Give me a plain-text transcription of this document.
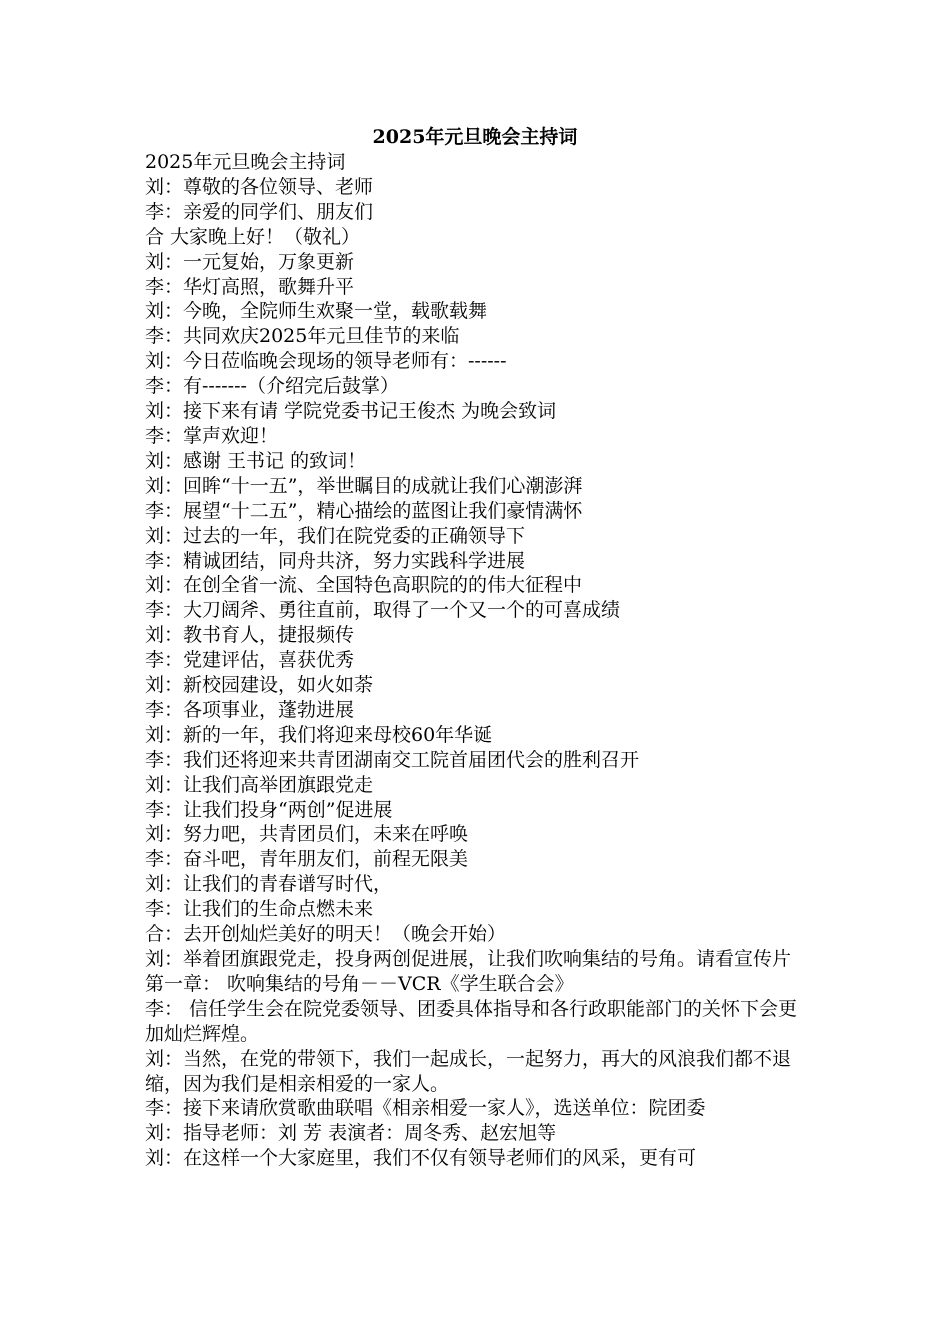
2025年元旦晚会主持词
2025年元旦晚会主持词
刘：尊敬的各位领导、老师
李：亲爱的同学们、朋友们
合 大家晚上好！（敬礼）
刘：一元复始，万象更新
李：华灯高照，歌舞升平
刘：今晚，全院师生欢聚一堂，载歌载舞
李：共同欢庆2025年元旦佳节的来临
刘：今日莅临晚会现场的领导老师有：------
李：有-------（介绍完后鼓掌）
刘：接下来有请 学院党委书记王俊杰 为晚会致词
李：掌声欢迎！
刘：感谢 王书记 的致词！
刘：回眸“十一五”，举世瞩目的成就让我们心潮澎湃
李：展望“十二五”，精心描绘的蓝图让我们豪情满怀
刘：过去的一年，我们在院党委的正确领导下
李：精诚团结，同舟共济，努力实践科学进展
刘：在创全省一流、全国特色高职院的的伟大征程中
李：大刀阔斧、勇往直前，取得了一个又一个的可喜成绩
刘：教书育人，捷报频传
李：党建评估，喜获优秀
刘：新校园建设，如火如荼
李：各项事业，蓬勃进展
刘：新的一年，我们将迎来母校60年华诞
李：我们还将迎来共青团湖南交工院首届团代会的胜利召开
刘：让我们高举团旗跟党走
李：让我们投身“两创”促进展
刘：努力吧，共青团员们，未来在呼唤
李：奋斗吧，青年朋友们，前程无限美
刘：让我们的青春谱写时代，
李：让我们的生命点燃未来
合：去开创灿烂美好的明天！（晚会开始）
刘：举着团旗跟党走，投身两创促进展，让我们吹响集结的号角。请看宣传片
第一章： 吹响集结的号角－－VCR《学生联合会》
李： 信任学生会在院党委领导、团委具体指导和各行政职能部门的关怀下会更加灿烂辉煌。
刘：当然，在党的带领下，我们一起成长，一起努力，再大的风浪我们都不退缩，因为我们是相亲相爱的一家人。
李：接下来请欣赏歌曲联唱《相亲相爱一家人》，选送单位：院团委
刘：指导老师：刘 芳 表演者：周冬秀、赵宏旭等
刘：在这样一个大家庭里，我们不仅有领导老师们的风采，更有可
